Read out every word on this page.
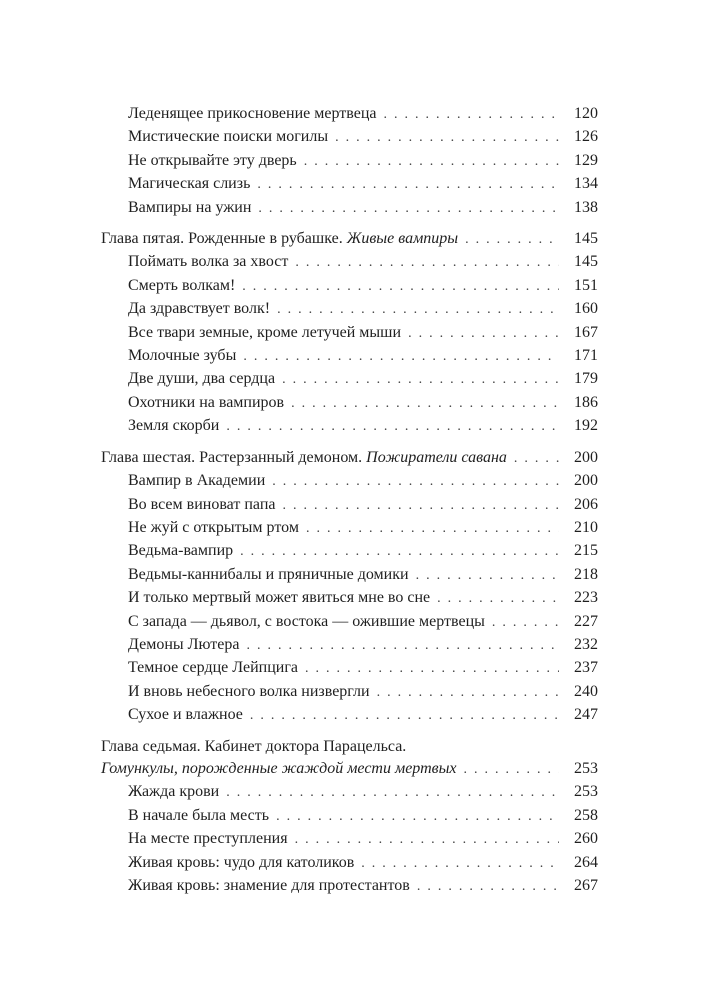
Леденящее прикосновение мертвеца .....	120
Мистические поиски могилы .....	126
Не открывайте эту дверь .....	129
Магическая слизь .....	134
Вампиры на ужин .....	138
Глава пятая. Рожденные в рубашке. Живые вампиры .....	145
Поймать волка за хвост .....	145
Смерть волкам! .....	151
Да здравствует волк! .....	160
Все твари земные, кроме летучей мыши .....	167
Молочные зубы .....	171
Две души, два сердца .....	179
Охотники на вампиров .....	186
Земля скорби .....	192
Глава шестая. Растерзанный демоном. Пожиратели савана .....	200
Вампир в Академии .....	200
Во всем виноват папа .....	206
Не жуй с открытым ртом .....	210
Ведьма-вампир .....	215
Ведьмы-каннибалы и пряничные домики .....	218
И только мертвый может явиться мне во сне .....	223
С запада — дьявол, с востока — ожившие мертвецы .....	227
Демоны Лютера .....	232
Темное сердце Лейпцига .....	237
И вновь небесного волка низвергли .....	240
Сухое и влажное .....	247
Глава седьмая. Кабинет доктора Парацельса.
Гомункулы, порожденные жаждой мести мертвых .....	253
Жажда крови .....	253
В начале была месть .....	258
На месте преступления .....	260
Живая кровь: чудо для католиков .....	264
Живая кровь: знамение для протестантов .....	267
